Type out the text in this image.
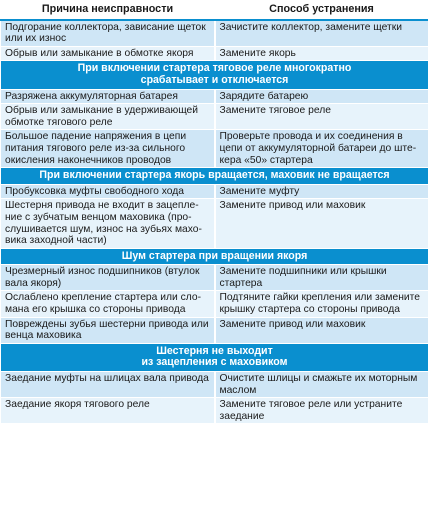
Причина неисправности	Способ устранения
Подгорание коллектора, зависание щеток или их износ	Зачистите коллектор, замените щетки
Обрыв или замыкание в обмотке якоря	Замените якорь

При включении стартера тяговое реле многократно
срабатывает и отключается	

Разряжена аккумуляторная батарея	Зарядите батарею
Обрыв или замыкание в удерживающей обмотке тягового реле	Замените тяговое реле
Большое падение напряжения в цепи питания тягового реле из-за сильного окисления наконечников проводов	Проверьте провода и их соединения в цепи от аккумуляторной батареи до штекера «50» стартера

При включении стартера якорь вращается, маховик не вращается	

Пробуксовка муфты свободного хода	Замените муфту
Шестерня привода не входит в зацепление с зубчатым венцом маховика (прослушивается шум, износ на зубьях маховика заходной части)	Замените привод или маховик

Шум стартера при вращении якоря	

Чрезмерный износ подшипников (втулок вала якоря)	Замените подшипники или крышки стартера
Ослаблено крепление стартера или сломана его крышка со стороны привода	Подтяните гайки крепления или замените крышку стартера со стороны привода
Повреждены зубья шестерни привода или венца маховика	Замените привод или маховик

Шестерня не выходит
из зацепления с маховиком	

Заедание муфты на шлицах вала привода	Очистите шлицы и смажьте их моторным маслом
Заедание якоря тягового реле	Замените тяговое реле или устраните заедание
